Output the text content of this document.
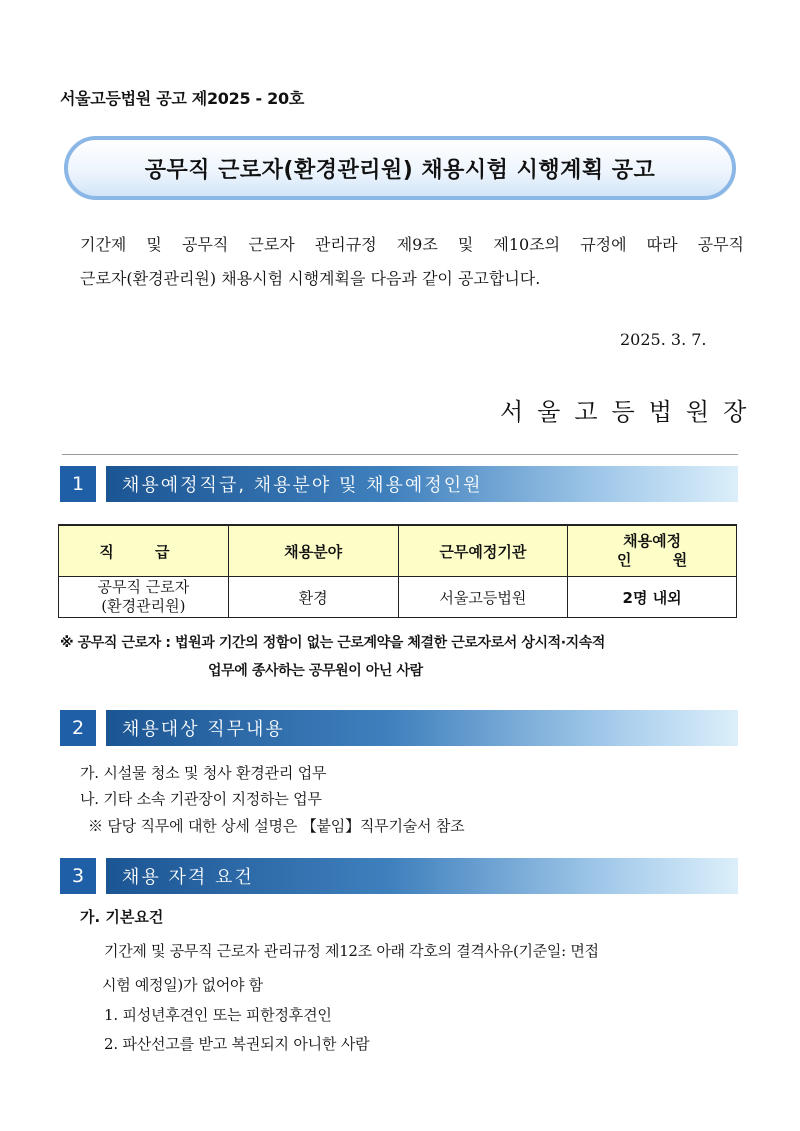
서울고등법원 공고 제2025 - 20호
공무직 근로자(환경관리원) 채용시험 시행계획 공고
기간제 및 공무직 근로자 관리규정 제9조 및 제10조의 규정에 따라 공무직
근로자(환경관리원) 채용시험 시행계획을 다음과 같이 공고합니다.
2025. 3. 7.
서울고등법원장
1	채용예정직급, 채용분야 및 채용예정인원
직 급	채용분야	근무예정기관	채용예정
인 원

공무직 근로자
(환경관리원)	환경	서울고등법원	2명 내외
※ 공무직 근로자 : 법원과 기간의 정함이 없는 근로계약을 체결한 근로자로서 상시적·지속적
업무에 종사하는 공무원이 아닌 사람
2	채용대상 직무내용
가. 시설물 청소 및 청사 환경관리 업무
나. 기타 소속 기관장이 지정하는 업무
※ 담당 직무에 대한 상세 설명은 【붙임】직무기술서 참조
3	채용 자격 요건
가. 기본요건
기간제 및 공무직 근로자 관리규정 제12조 아래 각호의 결격사유(기준일: 면접
시험 예정일)가 없어야 함
1. 피성년후견인 또는 피한정후견인
2. 파산선고를 받고 복권되지 아니한 사람
